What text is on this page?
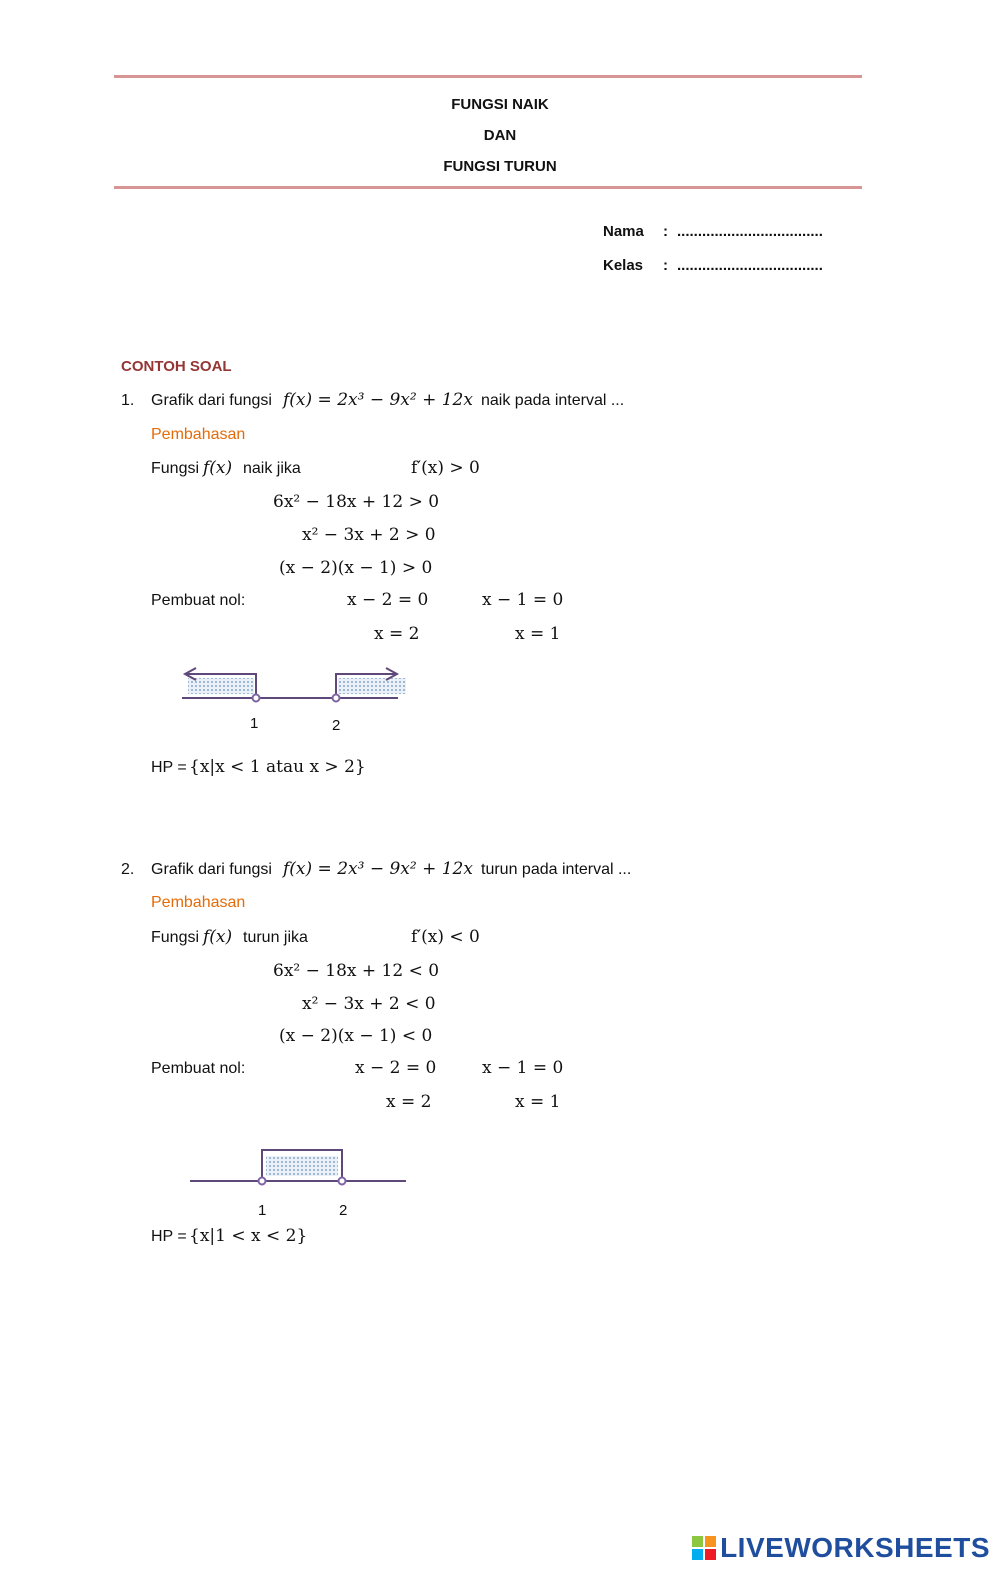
FUNGSI NAIK
DAN
FUNGSI TURUN
Nama : ...................................
Kelas : ...................................
CONTOH SOAL
1. Grafik dari fungsi f(x) = 2x³ − 9x² + 12x naik pada interval ...
Pembahasan
Fungsi f(x) naik jika	f′(x) > 0
6x² − 18x + 12 > 0
x² − 3x + 2 > 0
(x − 2)(x − 1) > 0
Pembuat nol:	x − 2 = 0	x − 1 = 0
x = 2	x = 1
1	2
HP = {x|x < 1 atau x > 2}
2. Grafik dari fungsi f(x) = 2x³ − 9x² + 12x turun pada interval ...
Pembahasan
Fungsi f(x) turun jika	f′(x) < 0
6x² − 18x + 12 < 0
x² − 3x + 2 < 0
(x − 2)(x − 1) < 0
Pembuat nol:	x − 2 = 0	x − 1 = 0
x = 2	x = 1
1	2
HP = {x|1 < x < 2}
LIVEWORKSHEETS
